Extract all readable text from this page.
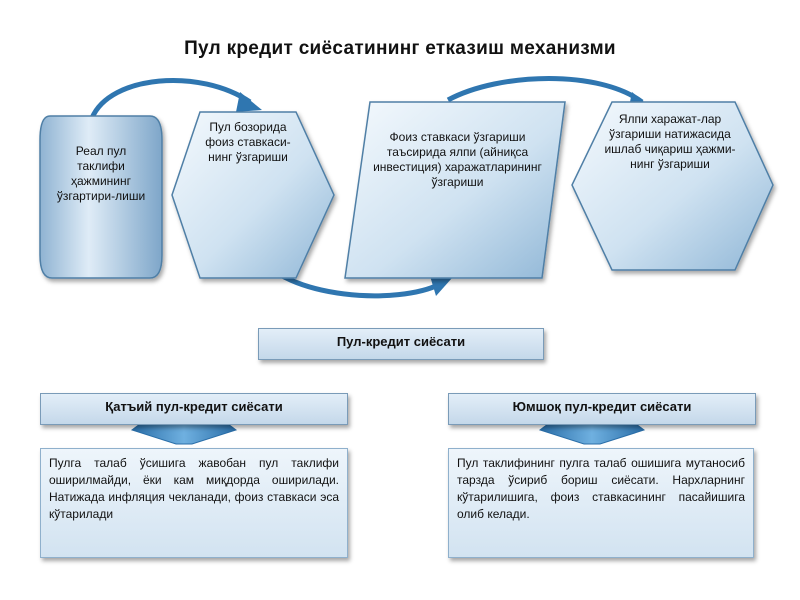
Пул кредит сиёсатининг етказиш механизми
Реал пул таклифи ҳажмининг ўзгартири-лиши
Пул бозорида фоиз ставкаси-нинг ўзгариши
Фоиз ставкаси ўзгариши таъсирида ялпи (айниқса инвестиция) харажатларининг ўзгариши
Ялпи харажат-лар ўзгариши натижасида ишлаб чиқариш ҳажми-нинг ўзгариши
Пул-кредит сиёсати
Қатъий пул-кредит сиёсати	Юмшоқ пул-кредит сиёсати
Пулга талаб ўсишига жавобан пул таклифи оширилмайди, ёки кам миқдорда оширилади. Натижада инфляция чекланади, фоиз ставкаси эса кўтарилади
Пул таклифининг пулга талаб ошишига мутаносиб тарзда ўсириб бориш сиёсати. Нархларнинг кўтарилишига, фоиз ставкасининг пасайишига олиб келади.
